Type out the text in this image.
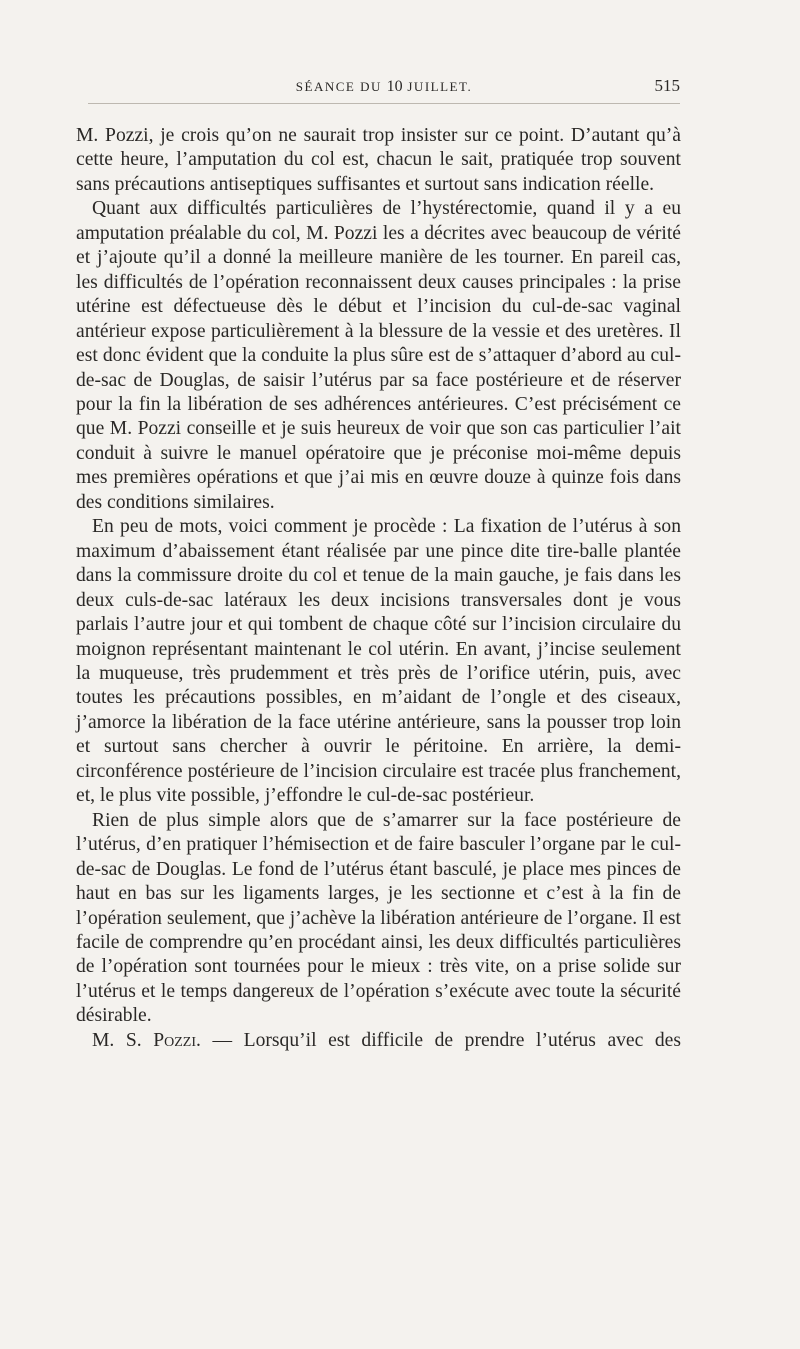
SÉANCE DU 10 JUILLET.	515

M. Pozzi, je crois qu’on ne saurait trop insister sur ce point. D’autant qu’à cette heure, l’amputation du col est, chacun le sait, pratiquée trop souvent sans précautions antiseptiques suffisantes et surtout sans indication réelle.

Quant aux difficultés particulières de l’hystérectomie, quand il y a eu amputation préalable du col, M. Pozzi les a décrites avec beaucoup de vérité et j’ajoute qu’il a donné la meilleure manière de les tourner. En pareil cas, les difficultés de l’opération reconnaissent deux causes principales : la prise utérine est défectueuse dès le début et l’incision du cul-de-sac vaginal antérieur expose particulièrement à la blessure de la vessie et des uretères. Il est donc évident que la conduite la plus sûre est de s’attaquer d’abord au cul-de-sac de Douglas, de saisir l’utérus par sa face postérieure et de réserver pour la fin la libération de ses adhérences antérieures. C’est précisément ce que M. Pozzi conseille et je suis heureux de voir que son cas particulier l’ait conduit à suivre le manuel opératoire que je préconise moi-même depuis mes premières opérations et que j’ai mis en œuvre douze à quinze fois dans des conditions similaires.

En peu de mots, voici comment je procède : La fixation de l’utérus à son maximum d’abaissement étant réalisée par une pince dite tire-balle plantée dans la commissure droite du col et tenue de la main gauche, je fais dans les deux culs-de-sac latéraux les deux incisions transversales dont je vous parlais l’autre jour et qui tombent de chaque côté sur l’incision circulaire du moignon représentant maintenant le col utérin. En avant, j’incise seulement la muqueuse, très prudemment et très près de l’orifice utérin, puis, avec toutes les précautions possibles, en m’aidant de l’ongle et des ciseaux, j’amorce la libération de la face utérine antérieure, sans la pousser trop loin et surtout sans chercher à ouvrir le péritoine. En arrière, la demi-circonférence postérieure de l’incision circulaire est tracée plus franchement, et, le plus vite possible, j’effondre le cul-de-sac postérieur.

Rien de plus simple alors que de s’amarrer sur la face postérieure de l’utérus, d’en pratiquer l’hémisection et de faire basculer l’organe par le cul-de-sac de Douglas. Le fond de l’utérus étant basculé, je place mes pinces de haut en bas sur les ligaments larges, je les sectionne et c’est à la fin de l’opération seulement, que j’achève la libération antérieure de l’organe. Il est facile de comprendre qu’en procédant ainsi, les deux difficultés particulières de l’opération sont tournées pour le mieux : très vite, on a prise solide sur l’utérus et le temps dangereux de l’opération s’exécute avec toute la sécurité désirable.

M. S. Pozzi. — Lorsqu’il est difficile de prendre l’utérus avec des
